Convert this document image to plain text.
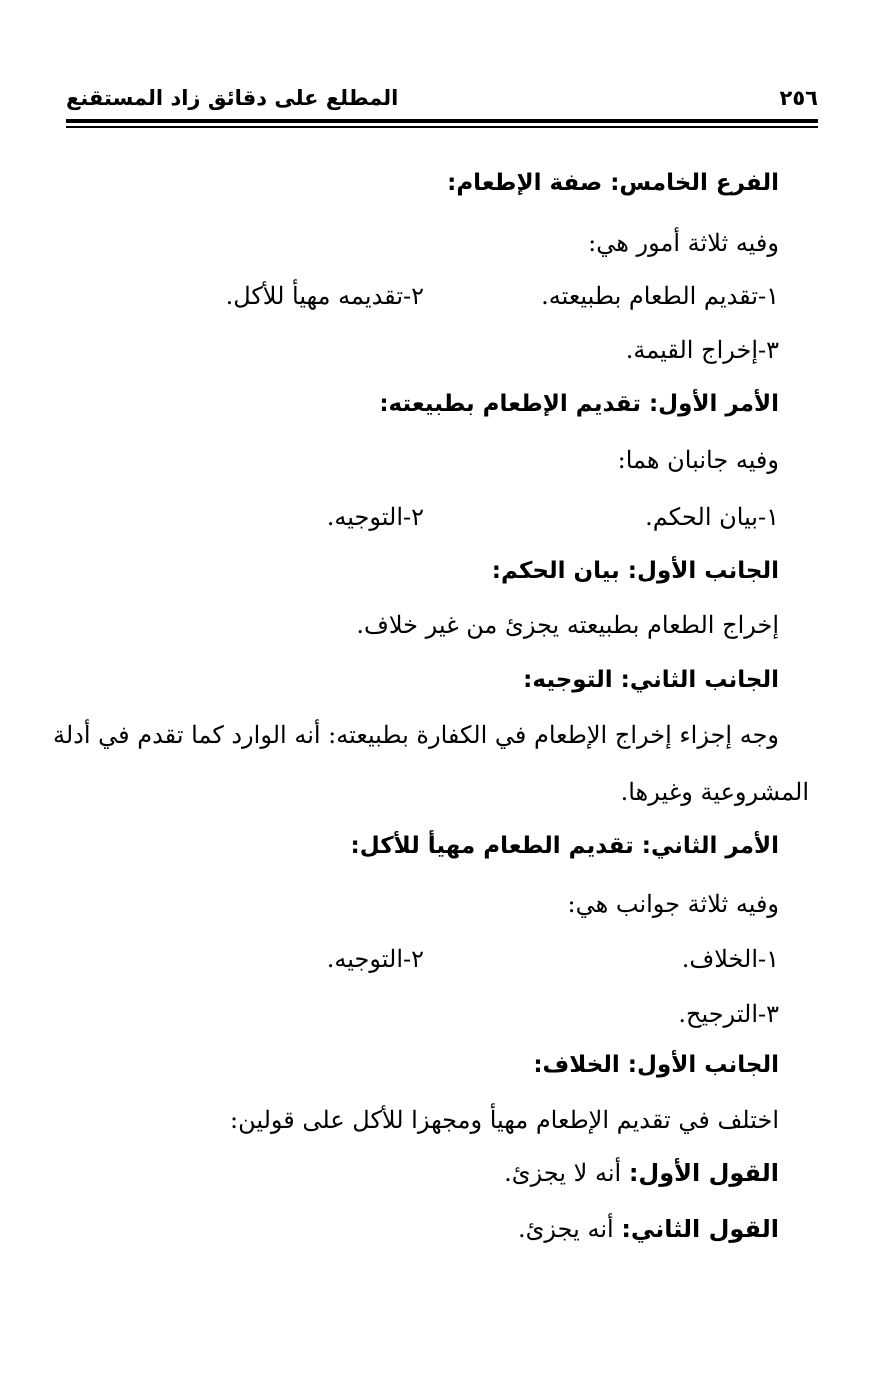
٢٥٦
المطلع على دقائق زاد المستقنع
الفرع الخامس: صفة الإطعام:
وفيه ثلاثة أمور هي:
١-تقديم الطعام بطبيعته.
٢-تقديمه مهيأ للأكل.
٣-إخراج القيمة.
الأمر الأول: تقديم الإطعام بطبيعته:
وفيه جانبان هما:
١-بيان الحكم.
٢-التوجيه.
الجانب الأول: بيان الحكم:
إخراج الطعام بطبيعته يجزئ من غير خلاف.
الجانب الثاني: التوجيه:
وجه إجزاء إخراج الإطعام في الكفارة بطبيعته: أنه الوارد كما تقدم في أدلة
المشروعية وغيرها.
الأمر الثاني: تقديم الطعام مهيأ للأكل:
وفيه ثلاثة جوانب هي:
١-الخلاف.
٢-التوجيه.
٣-الترجيح.
الجانب الأول: الخلاف:
اختلف في تقديم الإطعام مهيأ ومجهزا للأكل على قولين:
القول الأول: أنه لا يجزئ.
القول الثاني: أنه يجزئ.
